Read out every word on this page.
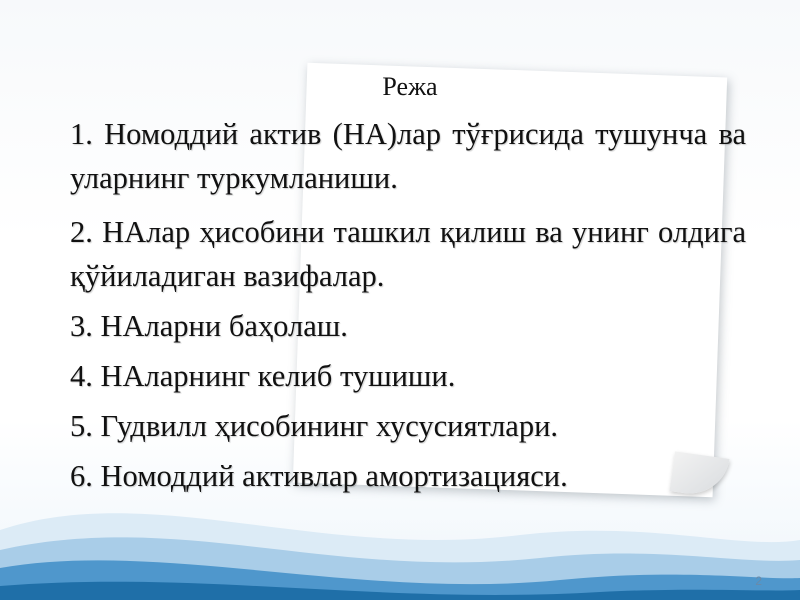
Режа

1. Номоддий актив (НА)лар тўғрисида тушунча ва уларнинг туркумланиши.

2. НАлар ҳисобини ташкил қилиш ва унинг олдига қўйиладиган вазифалар.

3. НАларни баҳолаш.

4. НАларнинг келиб тушиши.

5. Гудвилл ҳисобининг хусусиятлари.

6. Номоддий активлар амортизацияси.

2
